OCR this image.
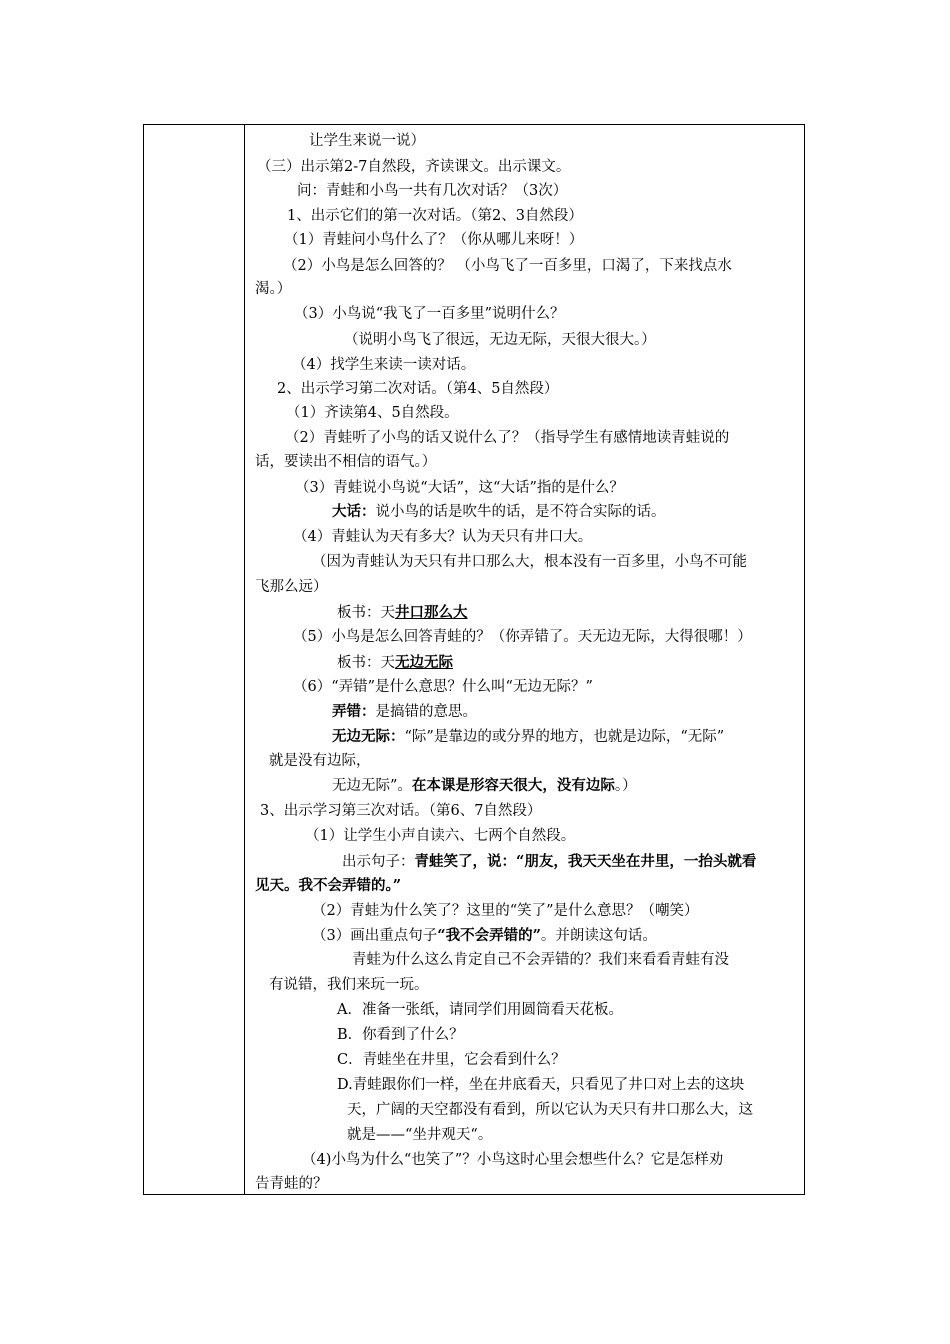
让学生来说一说）
（三）出示第2-7自然段，齐读课文。出示课文。
问：青蛙和小鸟一共有几次对话？（3次）
1、出示它们的第一次对话。（第2、3自然段）
（1）青蛙问小鸟什么了？（你从哪儿来呀！）
（2）小鸟是怎么回答的？ （小鸟飞了一百多里，口渴了，下来找点水
渴。）
（3）小鸟说“我飞了一百多里”说明什么？
（说明小鸟飞了很远，无边无际，天很大很大。）
（4）找学生来读一读对话。
2、出示学习第二次对话。（第4、5自然段）
（1）齐读第4、5自然段。
（2）青蛙听了小鸟的话又说什么了？（指导学生有感情地读青蛙说的
话，要读出不相信的语气。）
（3）青蛙说小鸟说“大话”，这“大话”指的是什么？
大话：说小鸟的话是吹牛的话，是不符合实际的话。
（4）青蛙认为天有多大？认为天只有井口大。
（因为青蛙认为天只有井口那么大，根本没有一百多里，小鸟不可能
飞那么远）
板书：天井口那么大
（5）小鸟是怎么回答青蛙的？（你弄错了。天无边无际，大得很哪！）
板书：天无边无际
（6）“弄错”是什么意思？什么叫“无边无际？”
弄错：是搞错的意思。
无边无际：“际”是靠边的或分界的地方，也就是边际，“无际”
就是没有边际，
无边无际”。在本课是形容天很大，没有边际。）
3、出示学习第三次对话。（第6、7自然段）
（1）让学生小声自读六、七两个自然段。
出示句子：青蛙笑了，说：“朋友，我天天坐在井里，一抬头就看
见天。我不会弄错的。”
（2）青蛙为什么笑了？这里的“笑了”是什么意思？（嘲笑）
（3）画出重点句子“我不会弄错的”。并朗读这句话。
青蛙为什么这么肯定自己不会弄错的？我们来看看青蛙有没
有说错，我们来玩一玩。
A．准备一张纸，请同学们用圆筒看天花板。
B．你看到了什么？
C．青蛙坐在井里，它会看到什么？
D.青蛙跟你们一样，坐在井底看天，只看见了井口对上去的这块
天，广阔的天空都没有看到，所以它认为天只有井口那么大，这
就是——“坐井观天“。
（4)小鸟为什么“也笑了”？小鸟这时心里会想些什么？它是怎样劝
告青蛙的？
